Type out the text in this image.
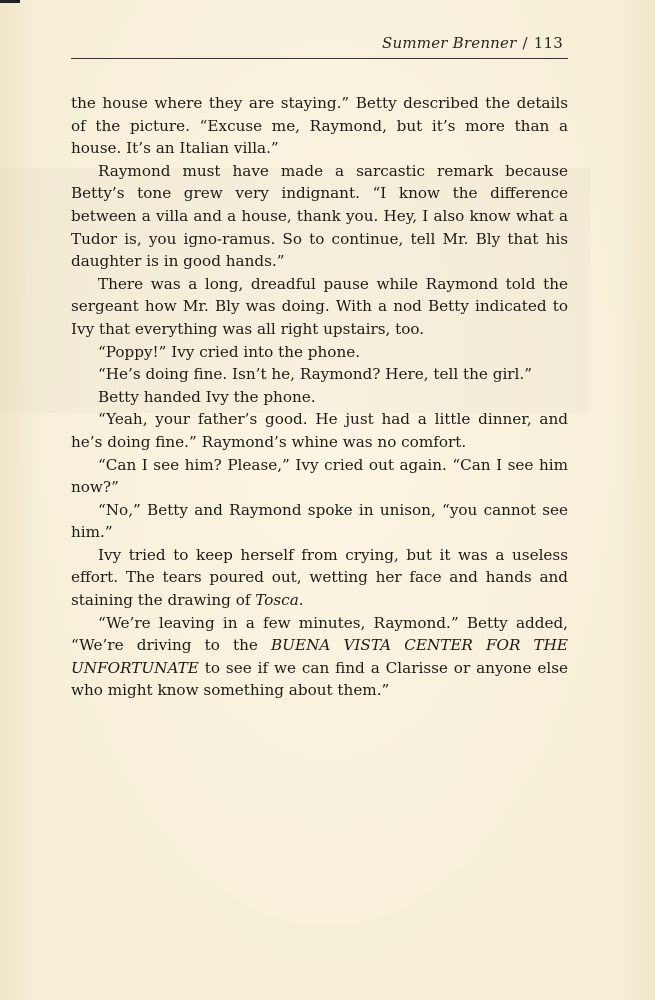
Summer Brenner / 113

the house where they are staying.” Betty described the details of the picture. “Excuse me, Raymond, but it’s more than a house. It’s an Italian villa.”

Raymond must have made a sarcastic remark because Betty’s tone grew very indignant. “I know the difference between a villa and a house, thank you. Hey, I also know what a Tudor is, you igno-ramus. So to continue, tell Mr. Bly that his daughter is in good hands.”

There was a long, dreadful pause while Raymond told the sergeant how Mr. Bly was doing. With a nod Betty indicated to Ivy that everything was all right upstairs, too.

“Poppy!” Ivy cried into the phone.

“He’s doing fine. Isn’t he, Raymond? Here, tell the girl.”

Betty handed Ivy the phone.

“Yeah, your father’s good. He just had a little dinner, and he’s doing fine.” Raymond’s whine was no comfort.

“Can I see him? Please,” Ivy cried out again. “Can I see him now?”

“No,” Betty and Raymond spoke in unison, “you cannot see him.”

Ivy tried to keep herself from crying, but it was a useless effort. The tears poured out, wetting her face and hands and staining the drawing of Tosca.

“We’re leaving in a few minutes, Raymond.” Betty added, “We’re driving to the BUENA VISTA CENTER FOR THE UNFORTUNATE to see if we can find a Clarisse or anyone else who might know something about them.”
